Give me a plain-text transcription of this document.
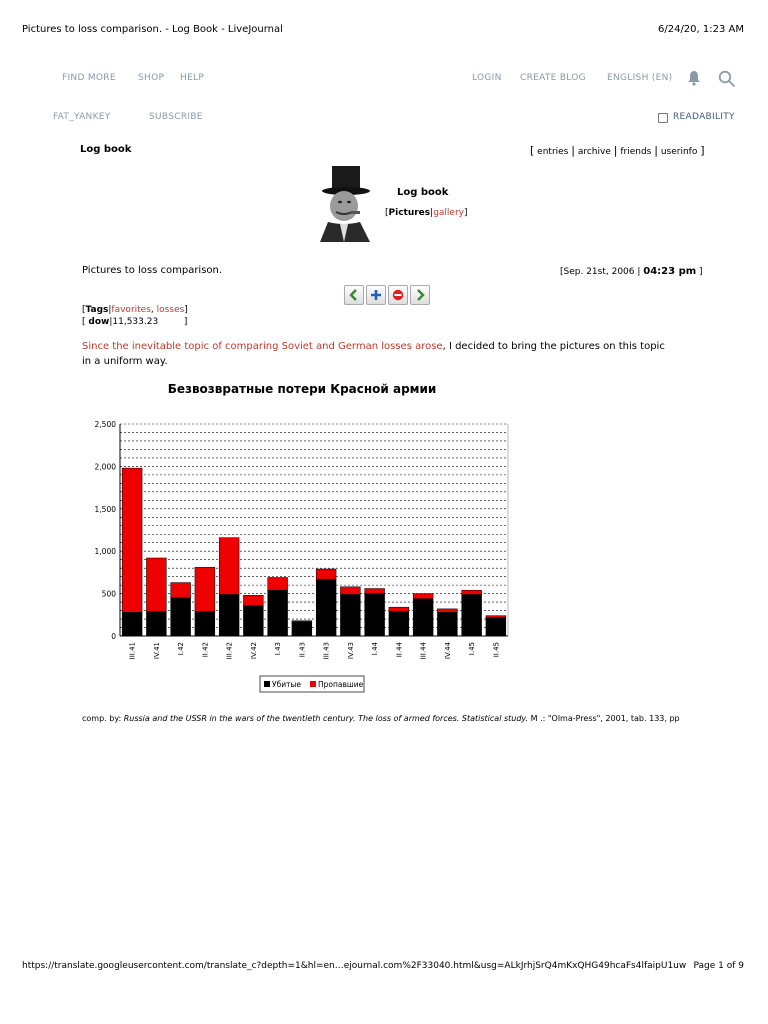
Pictures to loss comparison. - Log Book - LiveJournal	6/24/20, 1:23 AM
FIND MORE SHOP HELP	LOGIN CREATE BLOG ENGLISH (EN)
FAT_YANKEY	SUBSCRIBE	READABILITY
Log book	[ entries | archive | friends | userinfo ]
Log book
[Pictures|gallery]
Pictures to loss comparison.	[Sep. 21st, 2006 | 04:23 pm ]
[Tags|favorites, losses]
[ dow|11,533.23         ]
Since the inevitable topic of comparing Soviet and German losses arose, I decided to bring the pictures on this topic in a uniform way.
Безвозвратные потери Красной армии
0
500
1,000
1,500
2,000
2,500
III.41 IV.41 I.42 II.42 III.42 IV.42 I.43 II.43 III.43 IV.43 I.44 II.44 III.44 IV.44 I.45 II.45
Убитые Пропавшие
comp. by: Russia and the USSR in the wars of the twentieth century. The loss of armed forces. Statistical study. M .: "Olma-Press", 2001, tab. 133, pp
https://translate.googleusercontent.com/translate_c?depth=1&hl=en…ejournal.com%2F33040.html&usg=ALkJrhjSrQ4mKxQHG49hcaFs4lfaipU1uw Page 1 of 9
